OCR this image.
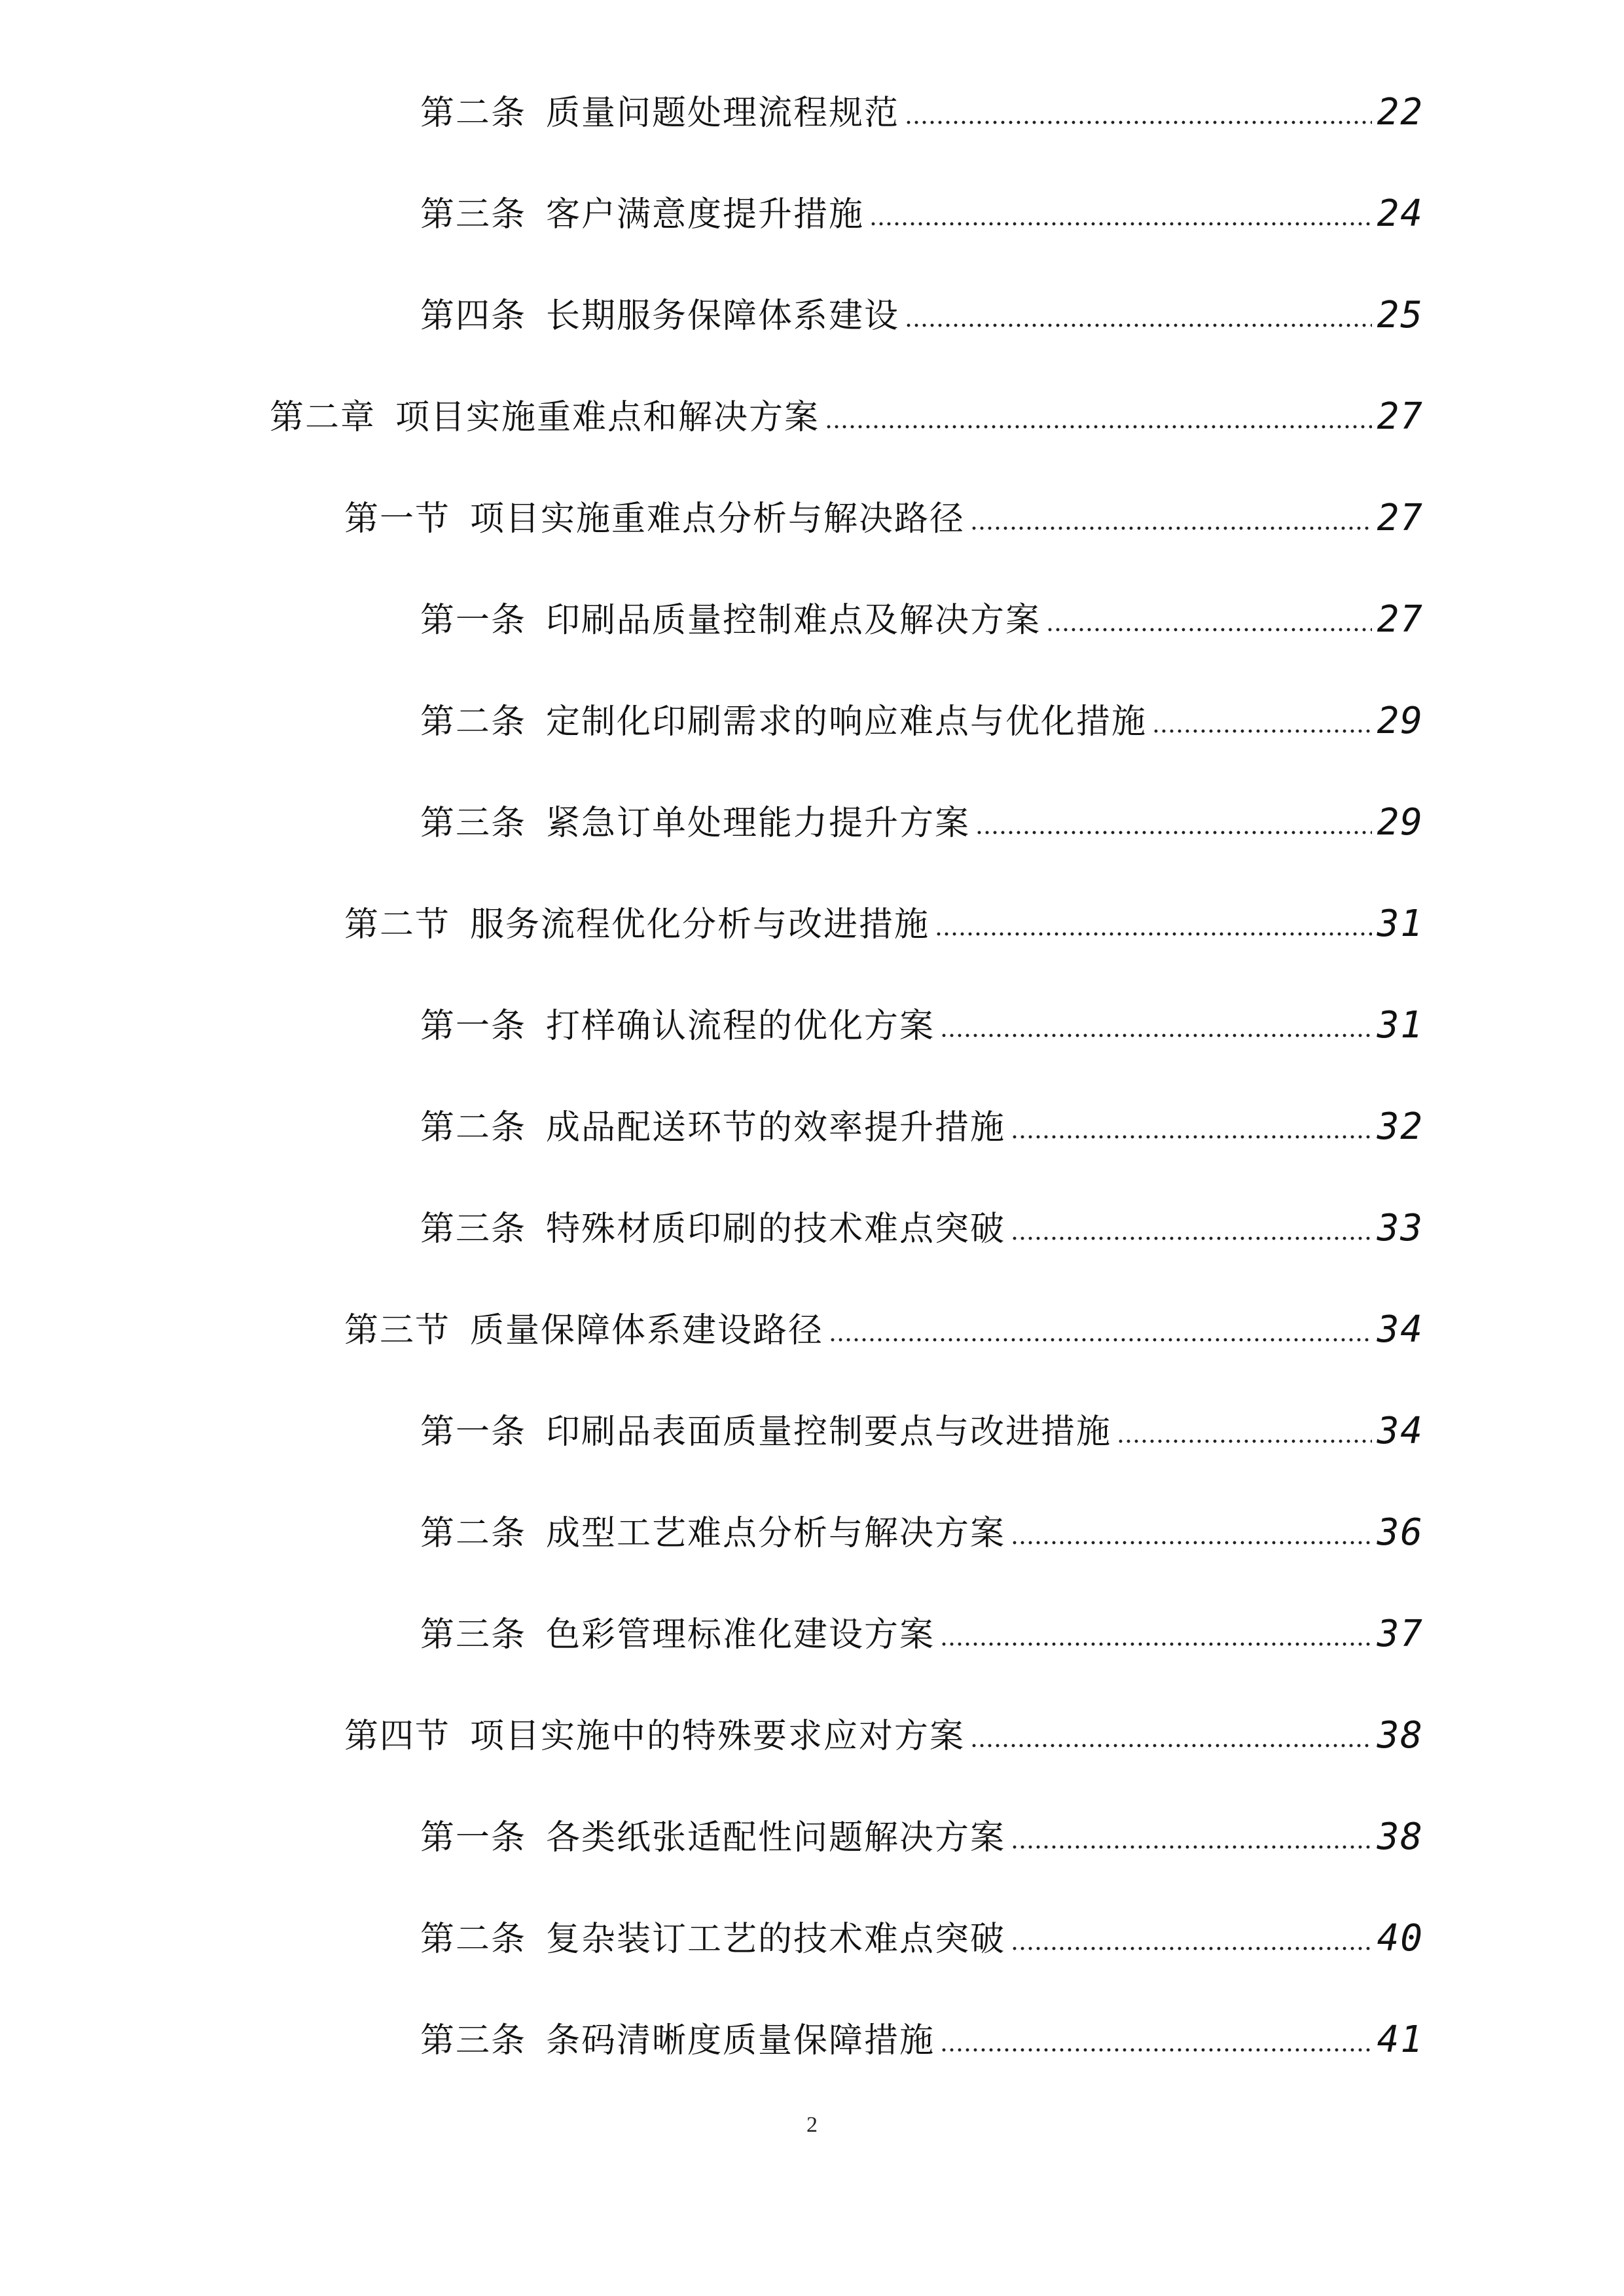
第二条 质量问题处理流程规范	22
第三条 客户满意度提升措施	24
第四条 长期服务保障体系建设	25
第二章 项目实施重难点和解决方案	27
第一节 项目实施重难点分析与解决路径	27
第一条 印刷品质量控制难点及解决方案	27
第二条 定制化印刷需求的响应难点与优化措施	29
第三条 紧急订单处理能力提升方案	29
第二节 服务流程优化分析与改进措施	31
第一条 打样确认流程的优化方案	31
第二条 成品配送环节的效率提升措施	32
第三条 特殊材质印刷的技术难点突破	33
第三节 质量保障体系建设路径	34
第一条 印刷品表面质量控制要点与改进措施	34
第二条 成型工艺难点分析与解决方案	36
第三条 色彩管理标准化建设方案	37
第四节 项目实施中的特殊要求应对方案	38
第一条 各类纸张适配性问题解决方案	38
第二条 复杂装订工艺的技术难点突破	40
第三条 条码清晰度质量保障措施	41
2
